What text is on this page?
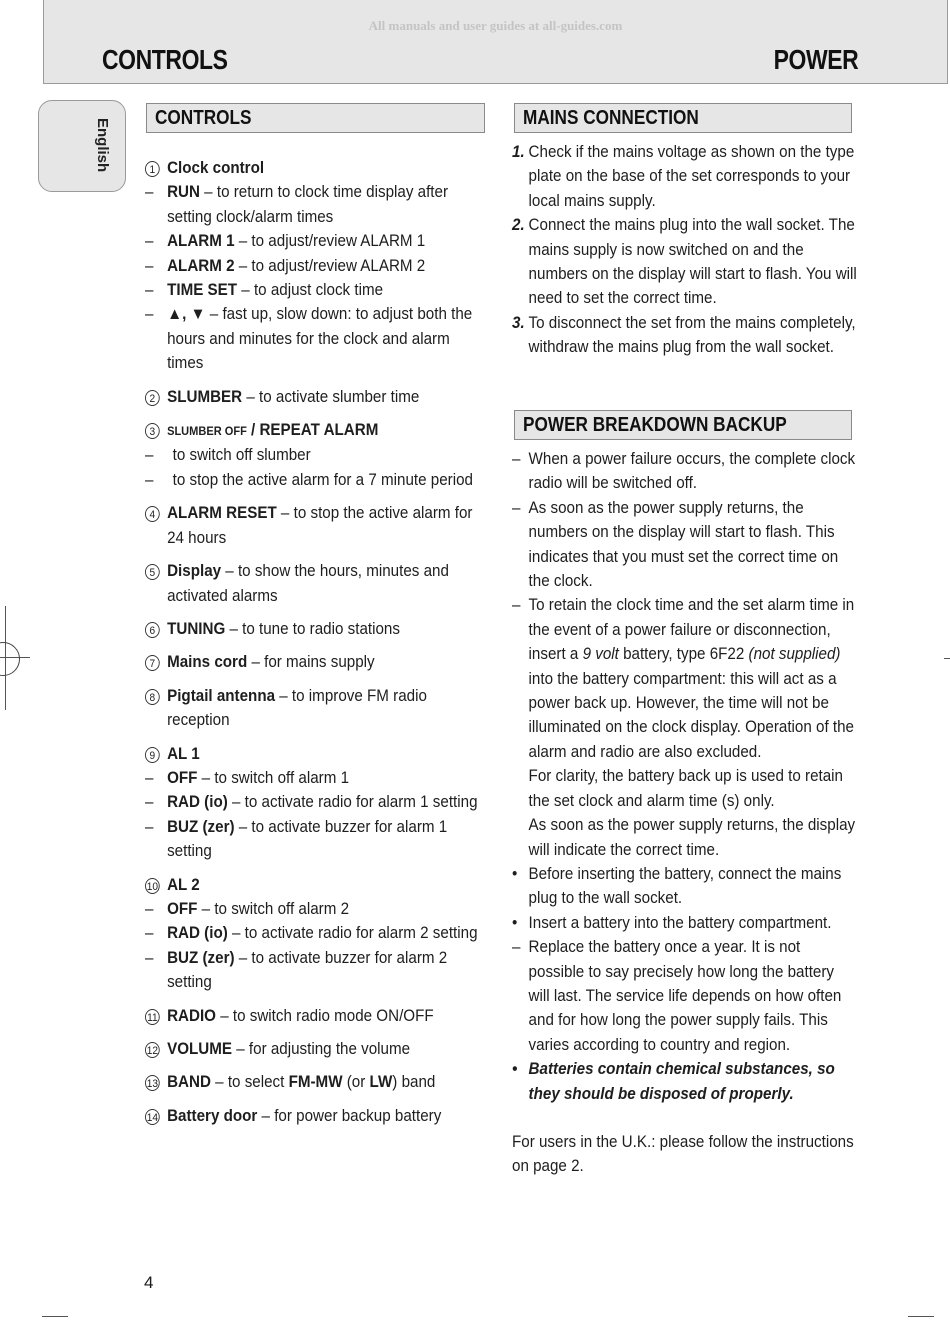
All manuals and user guides at all-guides.com
CONTROLS	POWER
English	CONTROLS
1 Clock control
– RUN – to return to clock time display after setting clock/alarm times
– ALARM 1 – to adjust/review ALARM 1
– ALARM 2 – to adjust/review ALARM 2
– TIME SET – to adjust clock time
– ▲, ▼ – fast up, slow down: to adjust both the hours and minutes for the clock and alarm times
2 SLUMBER – to activate slumber time
3 SLUMBER OFF / REPEAT ALARM
– to switch off slumber
– to stop the active alarm for a 7 minute period
4 ALARM RESET – to stop the active alarm for 24 hours
5 Display – to show the hours, minutes and activated alarms
6 TUNING – to tune to radio stations
7 Mains cord – for mains supply
8 Pigtail antenna – to improve FM radio reception
9 AL 1
– OFF – to switch off alarm 1
– RAD (io) – to activate radio for alarm 1 setting
– BUZ (zer) – to activate buzzer for alarm 1 setting
10 AL 2
– OFF – to switch off alarm 2
– RAD (io) – to activate radio for alarm 2 setting
– BUZ (zer) – to activate buzzer for alarm 2 setting
11 RADIO – to switch radio mode ON/OFF
12 VOLUME – for adjusting the volume
13 BAND – to select FM-MW (or LW) band
14 Battery door – for power backup battery
MAINS CONNECTION
1. Check if the mains voltage as shown on the type plate on the base of the set corresponds to your local mains supply.
2. Connect the mains plug into the wall socket. The mains supply is now switched on and the numbers on the display will start to flash. You will need to set the correct time.
3. To disconnect the set from the mains completely, withdraw the mains plug from the wall socket.
POWER BREAKDOWN BACKUP
– When a power failure occurs, the complete clock radio will be switched off.
– As soon as the power supply returns, the numbers on the display will start to flash. This indicates that you must set the correct time on the clock.
– To retain the clock time and the set alarm time in the event of a power failure or disconnection, insert a 9 volt battery, type 6F22 (not supplied) into the battery compartment: this will act as a power back up. However, the time will not be illuminated on the clock display. Operation of the alarm and radio are also excluded.
For clarity, the battery back up is used to retain the set clock and alarm time (s) only.
As soon as the power supply returns, the display will indicate the correct time.
• Before inserting the battery, connect the mains plug to the wall socket.
• Insert a battery into the battery compartment.
– Replace the battery once a year. It is not possible to say precisely how long the battery will last. The service life depends on how often and for how long the power supply fails. This varies according to country and region.
• Batteries contain chemical substances, so they should be disposed of properly.
For users in the U.K.: please follow the instructions on page 2.
4
